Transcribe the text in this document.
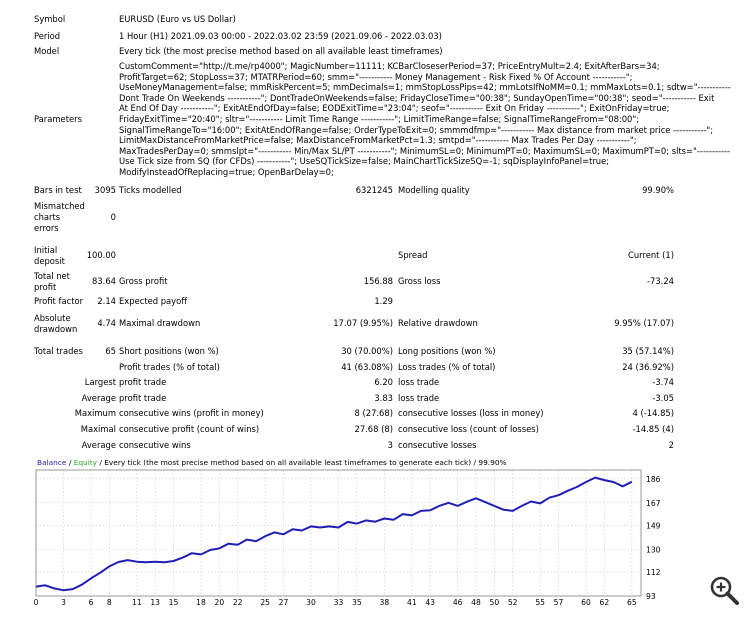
Symbol	EURUSD (Euro vs US Dollar)
Period	1 Hour (H1) 2021.09.03 00:00 - 2022.03.02 23:59 (2021.09.06 - 2022.03.03)
Model	Every tick (the most precise method based on all available least timeframes)
Parameters
CustomComment="http://t.me/rp4000"; MagicNumber=11111; KCBarCloseserPeriod=37; PriceEntryMult=2.4; ExitAfterBars=34;
ProfitTarget=62; StopLoss=37; MTATRPeriod=60; smm="----------- Money Management - Risk Fixed % Of Account -----------";
UseMoneyManagement=false; mmRiskPercent=5; mmDecimals=1; mmStopLossPips=42; mmLotsIfNoMM=0.1; mmMaxLots=0.1; sdtw="-----------
Dont Trade On Weekends -----------"; DontTradeOnWeekends=false; FridayCloseTime="00:38"; SundayOpenTime="00:38"; seod="----------- Exit
At End Of Day -----------"; ExitAtEndOfDay=false; EODExitTime="23:04"; seof="----------- Exit On Friday -----------"; ExitOnFriday=true;
FridayExitTime="20:40"; sltr="----------- Limit Time Range -----------"; LimitTimeRange=false; SignalTimeRangeFrom="08:00";
SignalTimeRangeTo="16:00"; ExitAtEndOfRange=false; OrderTypeToExit=0; smmmdfmp="----------- Max distance from market price -----------";
LimitMaxDistanceFromMarketPrice=false; MaxDistanceFromMarketPct=1.3; smtpd="----------- Max Trades Per Day -----------";
MaxTradesPerDay=0; smmslpt="----------- Min/Max SL/PT -----------"; MinimumSL=0; MinimumPT=0; MaximumSL=0; MaximumPT=0; slts="-----------
Use Tick size from SQ (for CFDs) -----------"; UseSQTickSize=false; MainChartTickSizeSQ=-1; sqDisplayInfoPanel=true;
ModifyInsteadOfReplacing=true; OpenBarDelay=0;
Bars in test	3095 Ticks modelled	6321245 Modelling quality	99.90%
Mismatched
charts
errors
0
Initial
deposit
100.00	Spread	Current (1)
Total net
profit
83.64 Gross profit	156.88 Gross loss	-73.24
Profit factor	2.14 Expected payoff	1.29
Absolute
drawdown
4.74 Maximal drawdown	17.07 (9.95%) Relative drawdown	9.95% (17.07)
Total trades	65 Short positions (won %)	30 (70.00%) Long positions (won %)	35 (57.14%)
Profit trades (% of total)	41 (63.08%) Loss trades (% of total)	24 (36.92%)
Largest profit trade	6.20 loss trade	-3.74
Average profit trade	3.83 loss trade	-3.05
Maximum consecutive wins (profit in money)	8 (27.68) consecutive losses (loss in money)	4 (-14.85)
Maximal consecutive profit (count of wins)	27.68 (8) consecutive loss (count of losses)	-14.85 (4)
Average consecutive wins	3 consecutive losses	2
Balance / Equity / Every tick (the most precise method based on all available least timeframes to generate each tick) / 99.90%
0	3	6 8	11 13 15 18 20 22 25 27 30 33 35 38 41 43 46 48 50 52 55 57 60 62 65
93
112
130
149
167
186
